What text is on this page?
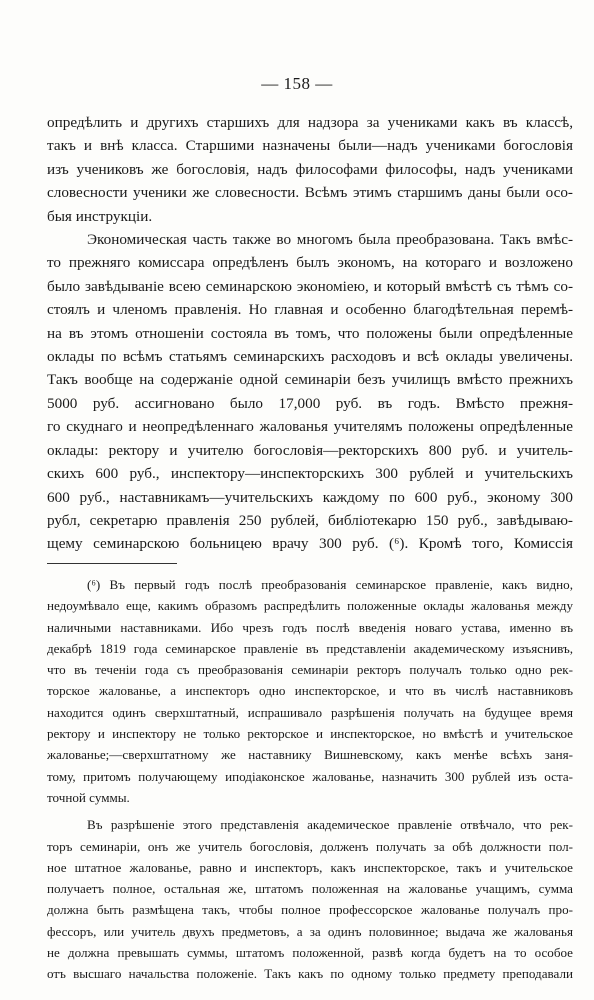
— 158 —
опредѣлить и другихъ старшихъ для надзора за учениками какъ въ классѣ,
такъ и внѣ класса. Старшими назначены были—надъ учениками богословія
изъ учениковъ же богословія, надъ философами философы, надъ учениками
словесности ученики же словесности. Всѣмъ этимъ старшимъ даны были осо-
быя инструкціи.
Экономическая часть также во многомъ была преобразована. Такъ вмѣс-
то прежняго комиссара опредѣленъ былъ экономъ, на котораго и возложено
было завѣдываніе всею семинарскою экономіею, и который вмѣстѣ съ тѣмъ со-
стоялъ и членомъ правленія. Но главная и особенно благодѣтельная перемѣ-
на въ этомъ отношеніи состояла въ томъ, что положены были опредѣленные
оклады по всѣмъ статьямъ семинарскихъ расходовъ и всѣ оклады увеличены.
Такъ вообще на содержаніе одной семинаріи безъ училищъ вмѣсто прежнихъ
5000 руб. ассигновано было 17,000 руб. въ годъ. Вмѣсто прежня-
го скуднаго и неопредѣленнаго жалованья учителямъ положены опредѣленные
оклады: ректору и учителю богословія—ректорскихъ 800 руб. и учитель-
скихъ 600 руб., инспектору—инспекторскихъ 300 рублей и учительскихъ
600 руб., наставникамъ—учительскихъ каждому по 600 руб., эконому 300
рубл, секретарю правленія 250 рублей, библіотекарю 150 руб., завѣдываю-
щему семинарскою больницею врачу 300 руб. (⁶). Кромѣ того, Комиссія
(⁶) Въ первый годъ послѣ преобразованія семинарское правленіе, какъ видно,
недоумѣвало еще, какимъ образомъ распредѣлить положенные оклады жалованья между
наличными наставниками. Ибо чрезъ годъ послѣ введенія новаго устава, именно въ
декабрѣ 1819 года семинарское правленіе въ представленіи академическому изъяснивъ,
что въ теченіи года съ преобразованія семинаріи ректоръ получалъ только одно рек-
торское жалованье, а инспекторъ одно инспекторское, и что въ числѣ наставниковъ
находится одинъ сверхштатный, испрашивало разрѣшенія получать на будущее время
ректору и инспектору не только ректорское и инспекторское, но вмѣстѣ и учительское
жалованье;—сверхштатному же наставнику Вишневскому, какъ менѣе всѣхъ заня-
тому, притомъ получающему иподіаконское жалованье, назначить 300 рублей изъ оста-
точной суммы.
Въ разрѣшеніе этого представленія академическое правленіе отвѣчало, что рек-
торъ семинаріи, онъ же учитель богословія, долженъ получать за обѣ должности пол-
ное штатное жалованье, равно и инспекторъ, какъ инспекторское, такъ и учительское
получаетъ полное, остальная же, штатомъ положенная на жалованье учащимъ, сумма
должна быть размѣщена такъ, чтобы полное профессорское жалованье получалъ про-
фессоръ, или учитель двухъ предметовъ, а за одинъ половинное; выдача же жалованья
не должна превышать суммы, штатомъ положенной, развѣ когда будетъ на то особое
отъ высшаго начальства положеніе. Такъ какъ по одному только предмету преподавали
